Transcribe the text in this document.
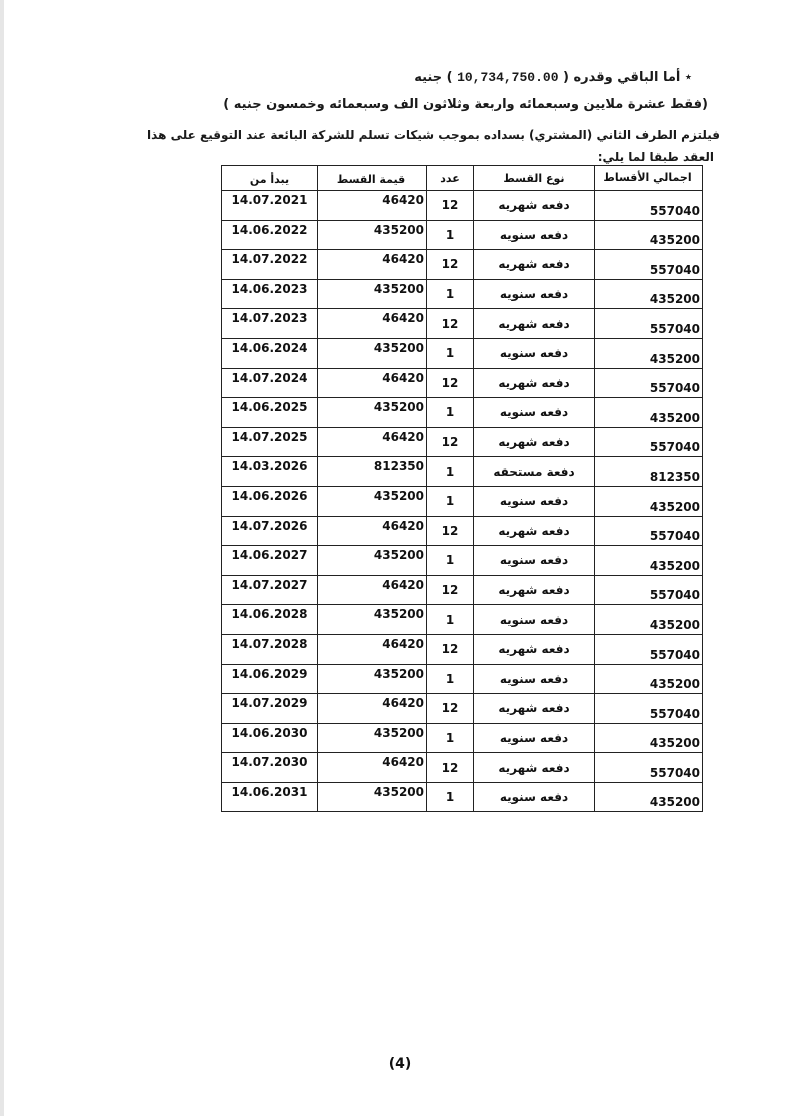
٭ أما الباقي وقدره ( 10,734,750.00 ) جنيه
(فقط عشرة ملايين وسبعمائه واربعة وثلاثون الف وسبعمائه وخمسون جنيه )
فيلتزم الطرف الثاني (المشتري) بسداده بموجب شيكات تسلم للشركة البائعة عند التوقيع على هذا
العقد طبقا لما يلي:
يبدأ من	قيمة القسط	عدد	نوع القسط	اجمالي الأقساط
14.07.2021	46420	12	دفعه شهريه	557040
14.06.2022	435200	1	دفعه سنويه	435200
14.07.2022	46420	12	دفعه شهريه	557040
14.06.2023	435200	1	دفعه سنويه	435200
14.07.2023	46420	12	دفعه شهريه	557040
14.06.2024	435200	1	دفعه سنويه	435200
14.07.2024	46420	12	دفعه شهريه	557040
14.06.2025	435200	1	دفعه سنويه	435200
14.07.2025	46420	12	دفعه شهريه	557040
14.03.2026	812350	1	دفعة مستحقه	812350
14.06.2026	435200	1	دفعه سنويه	435200
14.07.2026	46420	12	دفعه شهريه	557040
14.06.2027	435200	1	دفعه سنويه	435200
14.07.2027	46420	12	دفعه شهريه	557040
14.06.2028	435200	1	دفعه سنويه	435200
14.07.2028	46420	12	دفعه شهريه	557040
14.06.2029	435200	1	دفعه سنويه	435200
14.07.2029	46420	12	دفعه شهريه	557040
14.06.2030	435200	1	دفعه سنويه	435200
14.07.2030	46420	12	دفعه شهريه	557040
14.06.2031	435200	1	دفعه سنويه	435200
(4)
